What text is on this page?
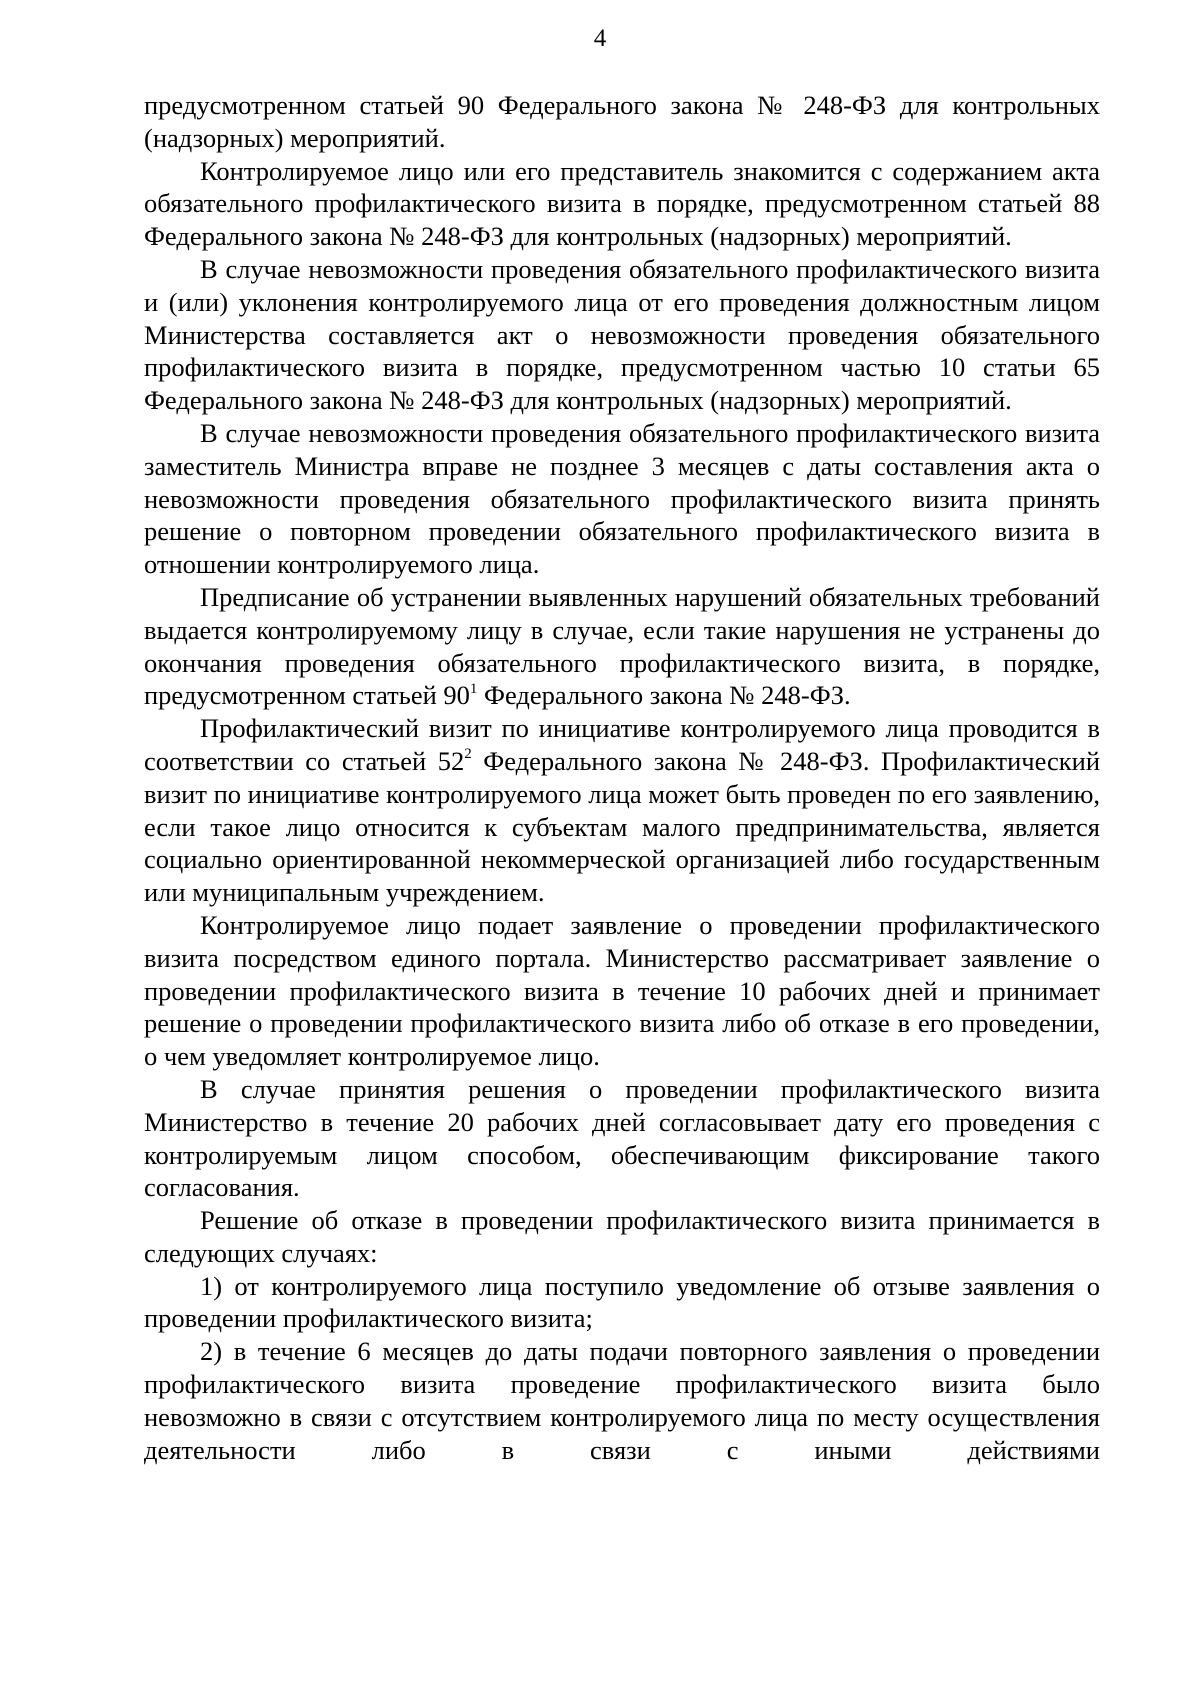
4

предусмотренном статьей 90 Федерального закона № 248-ФЗ для контрольных (надзорных) мероприятий.

Контролируемое лицо или его представитель знакомится с содержанием акта обязательного профилактического визита в порядке, предусмотренном статьей 88 Федерального закона № 248-ФЗ для контрольных (надзорных) мероприятий.

В случае невозможности проведения обязательного профилактического визита и (или) уклонения контролируемого лица от его проведения должностным лицом Министерства составляется акт о невозможности проведения обязательного профилактического визита в порядке, предусмотренном частью 10 статьи 65 Федерального закона № 248-ФЗ для контрольных (надзорных) мероприятий.

В случае невозможности проведения обязательного профилактического визита заместитель Министра вправе не позднее 3 месяцев с даты составления акта о невозможности проведения обязательного профилактического визита принять решение о повторном проведении обязательного профилактического визита в отношении контролируемого лица.

Предписание об устранении выявленных нарушений обязательных требований выдается контролируемому лицу в случае, если такие нарушения не устранены до окончания проведения обязательного профилактического визита, в порядке, предусмотренном статьей $90^1$ Федерального закона № 248-ФЗ.

Профилактический визит по инициативе контролируемого лица проводится в соответствии со статьей $52^2$ Федерального закона № 248-ФЗ. Профилактический визит по инициативе контролируемого лица может быть проведен по его заявлению, если такое лицо относится к субъектам малого предпринимательства, является социально ориентированной некоммерческой организацией либо государственным или муниципальным учреждением.

Контролируемое лицо подает заявление о проведении профилактического визита посредством единого портала. Министерство рассматривает заявление о проведении профилактического визита в течение 10 рабочих дней и принимает решение о проведении профилактического визита либо об отказе в его проведении, о чем уведомляет контролируемое лицо.

В случае принятия решения о проведении профилактического визита Министерство в течение 20 рабочих дней согласовывает дату его проведения с контролируемым лицом способом, обеспечивающим фиксирование такого согласования.

Решение об отказе в проведении профилактического визита принимается в следующих случаях:

1) от контролируемого лица поступило уведомление об отзыве заявления о проведении профилактического визита;

2) в течение 6 месяцев до даты подачи повторного заявления о проведении профилактического визита проведение профилактического визита было невозможно в связи с отсутствием контролируемого лица по месту осуществления деятельности либо в связи с иными действиями
